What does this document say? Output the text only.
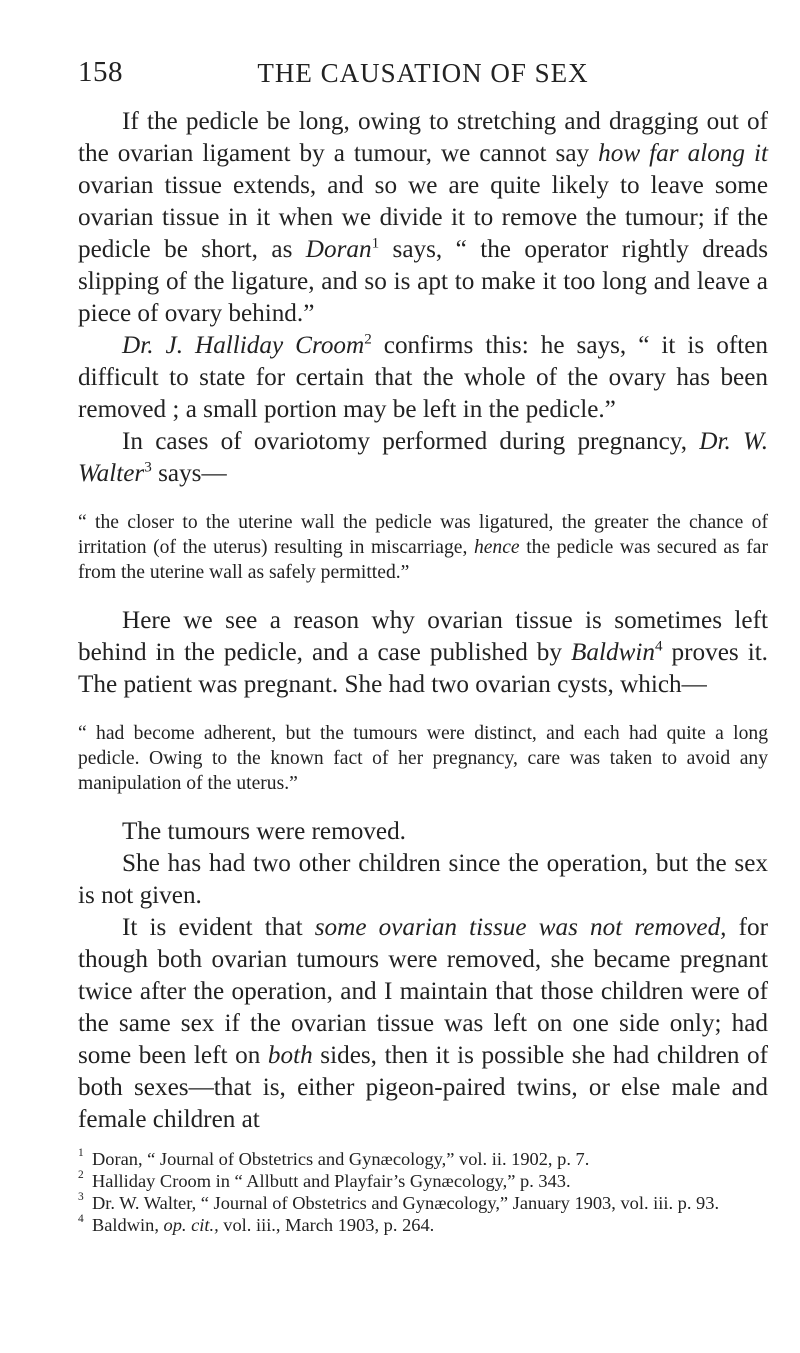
158	THE CAUSATION OF SEX

If the pedicle be long, owing to stretching and dragging out of the ovarian ligament by a tumour, we cannot say how far along it ovarian tissue extends, and so we are quite likely to leave some ovarian tissue in it when we divide it to remove the tumour; if the pedicle be short, as Doran$^1$ says, “ the operator rightly dreads slipping of the ligature, and so is apt to make it too long and leave a piece of ovary behind.”

Dr. J. Halliday Croom$^2$ confirms this: he says, “ it is often difficult to state for certain that the whole of the ovary has been removed ; a small portion may be left in the pedicle.”

In cases of ovariotomy performed during pregnancy, Dr. W. Walter$^3$ says—

“ the closer to the uterine wall the pedicle was ligatured, the greater the chance of irritation (of the uterus) resulting in miscarriage, hence the pedicle was secured as far from the uterine wall as safely permitted.”

Here we see a reason why ovarian tissue is sometimes left behind in the pedicle, and a case published by Baldwin$^4$ proves it. The patient was pregnant. She had two ovarian cysts, which—

“ had become adherent, but the tumours were distinct, and each had quite a long pedicle. Owing to the known fact of her pregnancy, care was taken to avoid any manipulation of the uterus.”

The tumours were removed.

She has had two other children since the operation, but the sex is not given.

It is evident that some ovarian tissue was not removed, for though both ovarian tumours were removed, she became pregnant twice after the operation, and I maintain that those children were of the same sex if the ovarian tissue was left on one side only; had some been left on both sides, then it is possible she had children of both sexes—that is, either pigeon-paired twins, or else male and female children at

1 Doran, “ Journal of Obstetrics and Gynæcology,” vol. ii. 1902, p. 7.

2 Halliday Croom in “ Allbutt and Playfair’s Gynæcology,” p. 343.

3 Dr. W. Walter, “ Journal of Obstetrics and Gynæcology,” January 1903, vol. iii. p. 93.

4 Baldwin, op. cit., vol. iii., March 1903, p. 264.
